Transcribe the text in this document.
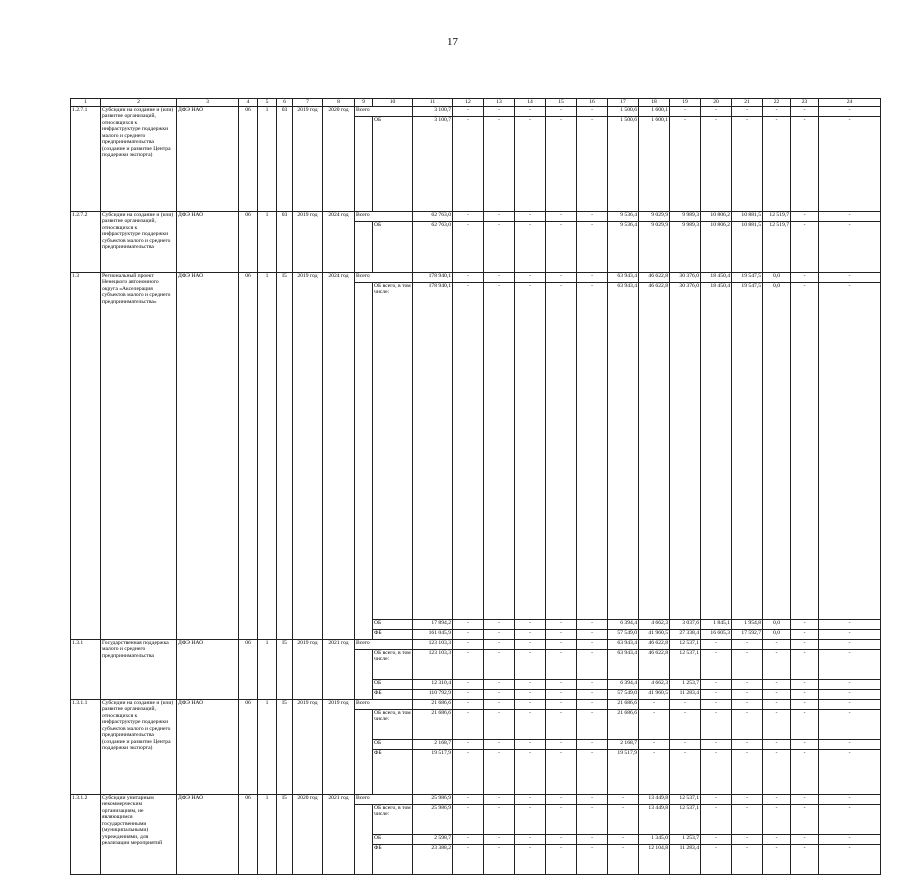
17
1	2	3	4	5	6	7	8	9	10	11	12	13	14	15	16	17	18	19	20	21	22	23	24	
1.2.7.1	Субсидии на создание и (или) развитие организаций, относящихся к инфраструктуре поддержки малого и среднего предпринимательства (создание и развитие Центра поддержки экспорта)	ДФЭ НАО	06	1	03	2019 год	2020 год	Всего		3 100,7	-	-	-	-	-	1 500,6	1 600,1	-	-	-	-	-	-	
									ОБ	3 100,7	-	-	-	-	-	1 500,6	1 600,1	-	-	-	-	-	-	
1.2.7.2	Субсидии на создание и (или) развитие организаций, относящихся к инфраструктуре поддержки субъектов малого и среднего предпринимательства	ДФЭ НАО	06	1	03	2019 год	2024 год	Всего		62 763,0	-	-	-	-	-	9 536,4	9 029,9	9 989,3	10 806,2	10 881,5	12 519,7	-	-	
									ОБ	62 763,0	-	-	-	-	-	9 536,4	9 029,9	9 989,3	10 806,2	10 881,5	12 519,7	-	-	
1.3	Региональный проект Ненецкого автономного округа «Акселерация субъектов малого и среднего предпринимательства»	ДФЭ НАО	06	1	I5	2019 год	2024 год	Всего		178 940,1	-	-	-	-	-	63 943,4	46 622,8	30 376,0	18 450,4	19 547,5	0,0	-	-	
									ОБ всего, в том числе:	178 940,1	-	-	-	-	-	63 943,4	46 622,8	30 376,0	18 450,4	19 547,5	0,0	-	-	
									ОБ	17 894,2	-	-	-	-	-	6 394,4	4 662,3	3 037,6	1 845,1	1 954,8	0,0	-	-	
									ФБ	161 045,9	-	-	-	-	-	57 549,0	41 960,5	27 338,4	16 605,3	17 592,7	0,0	-	-	
1.3.1	Государственная поддержка малого и среднего предпринимательства	ДФЭ НАО	06	1	I5	2019 год	2021 год	Всего		123 103,3	-	-	-	-	-	63 943,4	46 622,8	12 537,1	-	-	-	-	-	
									ОБ всего, в том числе:	123 103,3	-	-	-	-	-	63 943,4	46 622,8	12 537,1	-	-	-	-	-	
									ОБ	12 310,4	-	-	-	-	-	6 394,4	4 662,3	1 253,7	-	-	-	-	-	
									ФБ	110 792,9	-	-	-	-	-	57 549,0	41 960,5	11 283,4	-	-	-	-	-	
1.3.1.1	Субсидии на создание и (или) развитие организаций, относящихся к инфраструктуре поддержки субъектов малого и среднего предпринимательства (создание и развитие Центра поддержки экспорта)	ДФЭ НАО	06	1	I5	2019 год	2019 год	Всего		21 686,6	-	-	-	-	-	21 686,6	-	-	-	-	-	-	-	
									ОБ всего, в том числе:	21 686,6	-	-	-	-	-	21 686,6	-	-	-	-	-	-	-	
									ОБ	2 168,7	-	-	-	-	-	2 168,7	-	-	-	-	-	-	-	
									ФБ	19 517,9	-	-	-	-	-	19 517,9	-	-	-	-	-	-	-	
1.3.1.2	Субсидии унитарным некоммерческим организациям, не являющимся государственными (муниципальными) учреждениями, для реализации мероприятий	ДФЭ НАО	06	1	I5	2020 год	2021 год	Всего		25 986,9	-	-	-	-	-	-	13 449,8	12 537,1	-	-	-	-	-	
									ОБ всего, в том числе:	25 986,9	-	-	-	-	-	-	13 449,8	12 537,1	-	-	-	-	-	
									ОБ	2 598,7	-	-	-	-	-	-	1 345,0	1 253,7	-	-	-	-	-	
									ФБ	23 388,2	-	-	-	-	-	-	12 104,8	11 283,4	-	-	-	-	-	
